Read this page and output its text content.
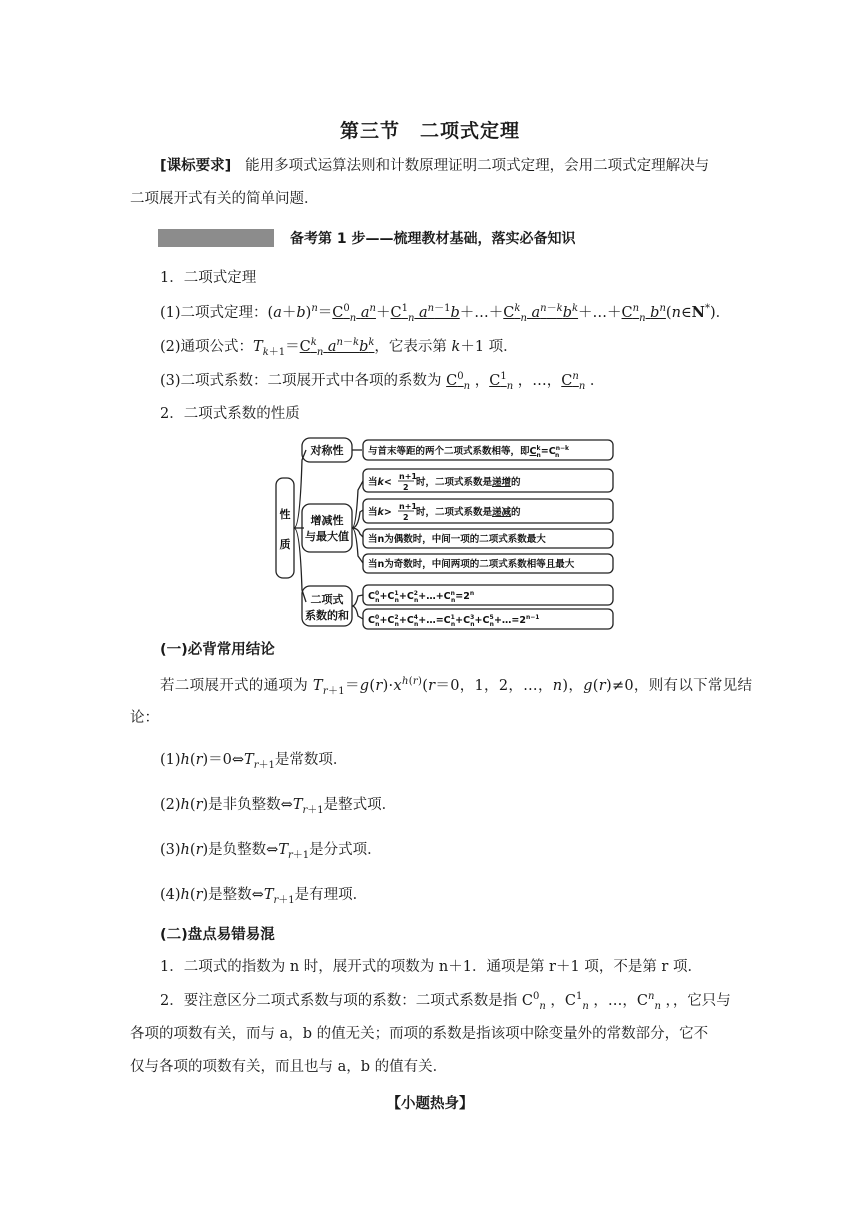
第三节　二项式定理
[课标要求] 能用多项式运算法则和计数原理证明二项式定理，会用二项式定理解决与
二项展开式有关的简单问题．
备考第 1 步——梳理教材基础，落实必备知识
1．二项式定理
(1)二项式定理：$(a+b)^n=C^0_n$ $a^n+C^1_n$ $a^{n-1}b+\dots+C^k_n$ $a^{n-k}b^k+\dots+C^n_n$ $b^n(n\in N^*)$．
(2)通项公式：$T_{k+1}=C^k_n$ $a^{n-k}b^k$，它表示第 k＋1 项．
(3)二项式系数：二项展开式中各项的系数为 $C^0_n$ ，$C^1_n$ ，…，$C^n_n$ ．
2．二项式系数的性质
性
质
对称性
增减性
与最大值
二项式
系数的和
与首末等距的两个二项式系数相等，即$C^k$ $n=C^{n-k}$ n
当k<
n+1
2 时，二项式系数是递增的
当k>
n+1
2 时，二项式系数是递减的
当n为偶数时，中间一项的二项式系数最大
当n为奇数时，中间两项的二项式系数相等且最大
$C^0$ $n+C^1$ $n+C^2$ $n+\dots+C^n$ $n=2^n$
$C^0$ $n+C^2$ $n+C^4$ $n+\dots=C^1$ $n+C^3$ $n+C^5$ $n+\dots=2^{n-1}$
(一)必背常用结论
若二项展开式的通项为 $T_{r+1}=g(r)\cdot x^{h(r)}(r=0$，1，2，…，n)，g(r)≠0，则有以下常见结
论：
$(1)h(r)=0\Leftrightarrow T_{r+1}$是常数项．
(2)h(r)是非负整数$\Leftrightarrow T_{r+1}$是整式项．
(3)h(r)是负整数$\Leftrightarrow T_{r+1}$是分式项．
(4)h(r)是整数$\Leftrightarrow T_{r+1}$是有理项．
(二)盘点易错易混
1．二项式的指数为 n 时，展开式的项数为 n＋1．通项是第 r＋1 项，不是第 r 项．
2．要注意区分二项式系数与项的系数：二项式系数是指 $C^0_n$ ，$C^1_n$ ，…，$C^n_n$ ，，它只与
各项的项数有关，而与 a，b 的值无关；而项的系数是指该项中除变量外的常数部分，它不
仅与各项的项数有关，而且也与 a，b 的值有关．
【小题热身】
